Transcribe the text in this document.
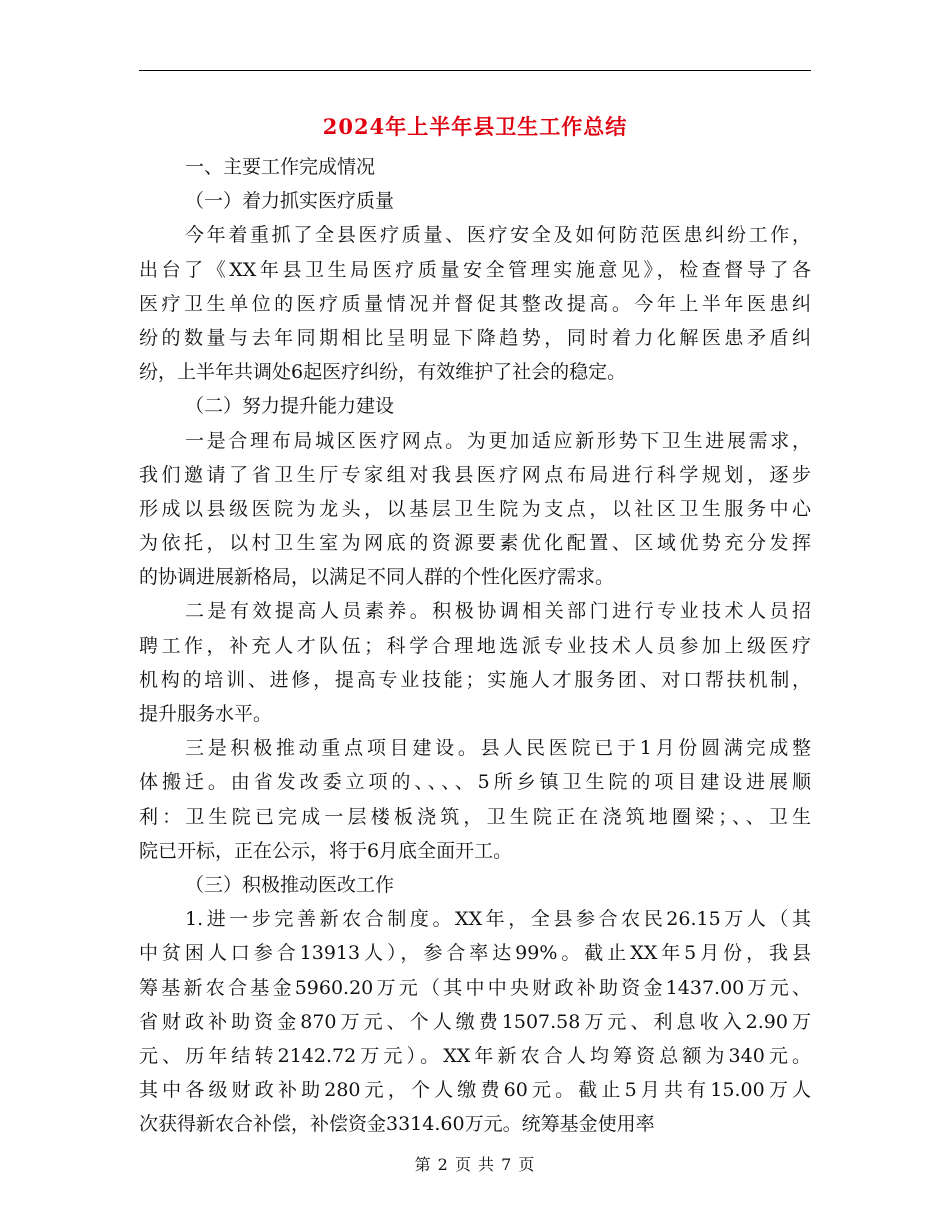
2024年上半年县卫生工作总结
一、主要工作完成情况
（一）着力抓实医疗质量
今年着重抓了全县医疗质量、医疗安全及如何防范医患纠纷工作，
出台了《XX年县卫生局医疗质量安全管理实施意见》，检查督导了各
医疗卫生单位的医疗质量情况并督促其整改提高。今年上半年医患纠
纷的数量与去年同期相比呈明显下降趋势，同时着力化解医患矛盾纠
纷，上半年共调处6起医疗纠纷，有效维护了社会的稳定。
（二）努力提升能力建设
一是合理布局城区医疗网点。为更加适应新形势下卫生进展需求，
我们邀请了省卫生厅专家组对我县医疗网点布局进行科学规划，逐步
形成以县级医院为龙头，以基层卫生院为支点，以社区卫生服务中心
为依托，以村卫生室为网底的资源要素优化配置、区域优势充分发挥
的协调进展新格局，以满足不同人群的个性化医疗需求。
二是有效提高人员素养。积极协调相关部门进行专业技术人员招
聘工作，补充人才队伍；科学合理地选派专业技术人员参加上级医疗
机构的培训、进修，提高专业技能；实施人才服务团、对口帮扶机制，
提升服务水平。
三是积极推动重点项目建设。县人民医院已于1月份圆满完成整
体搬迁。由省发改委立项的、、、、5所乡镇卫生院的项目建设进展顺
利：卫生院已完成一层楼板浇筑，卫生院正在浇筑地圈梁；、、卫生
院已开标，正在公示，将于6月底全面开工。
（三）积极推动医改工作
1.进一步完善新农合制度。XX年，全县参合农民26.15万人（其
中贫困人口参合13913人），参合率达99%。截止XX年5月份，我县
筹基新农合基金5960.20万元（其中中央财政补助资金1437.00万元、
省财政补助资金870万元、个人缴费1507.58万元、利息收入2.90万
元、历年结转2142.72万元）。XX年新农合人均筹资总额为340元。
其中各级财政补助280元，个人缴费60元。截止5月共有15.00万人
次获得新农合补偿，补偿资金3314.60万元。统筹基金使用率
第 2 页 共 7 页
